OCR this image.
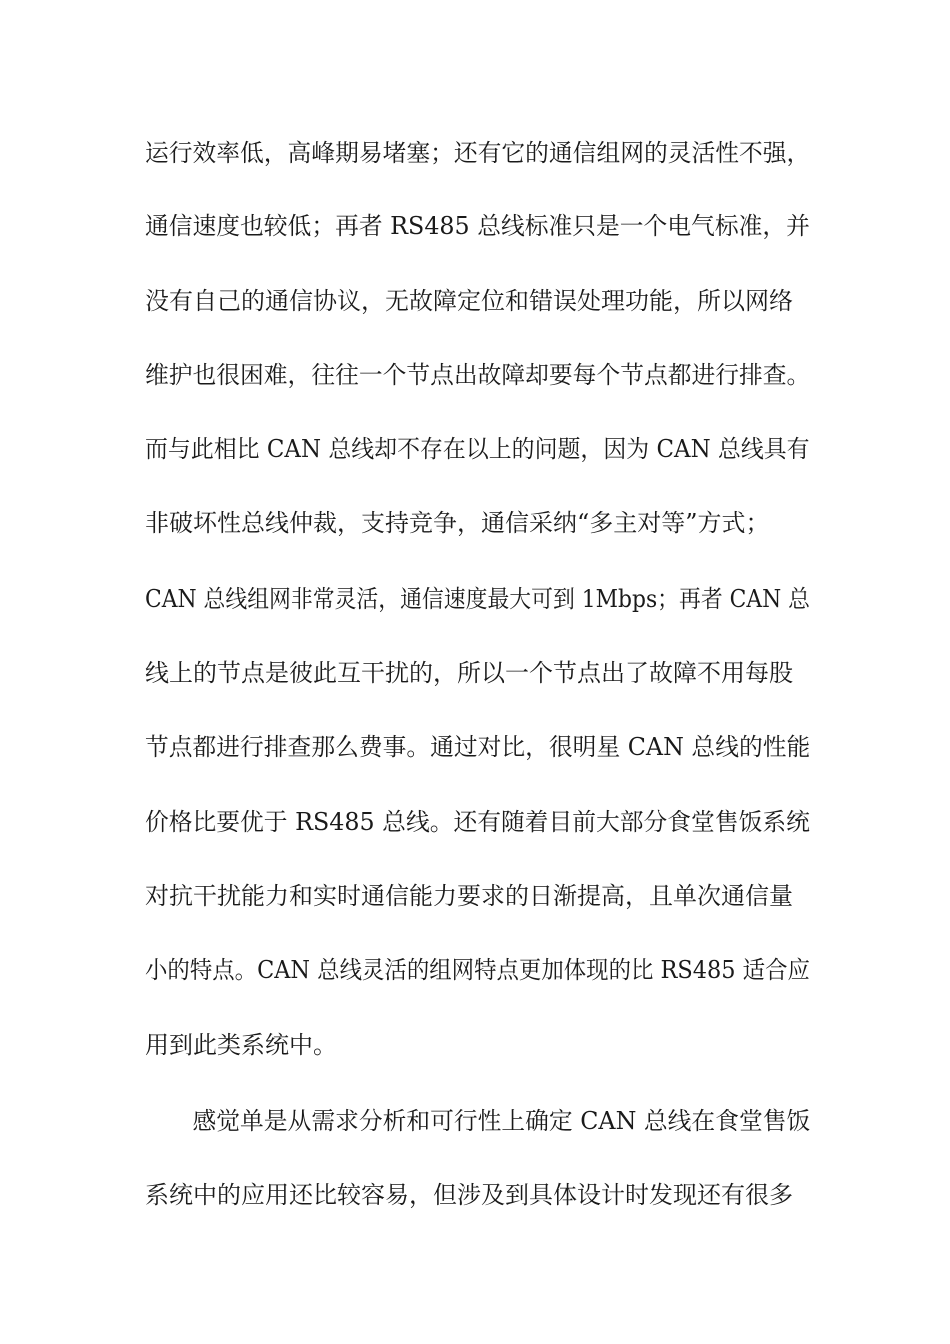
运行效率低，高峰期易堵塞；还有它的通信组网的灵活性不强，
通信速度也较低；再者 RS485 总线标准只是一个电气标准，并
没有自己的通信协议，无故障定位和错误处理功能，所以网络
维护也很困难，往往一个节点出故障却要每个节点都进行排查。
而与此相比 CAN 总线却不存在以上的问题，因为 CAN 总线具有
非破坏性总线仲裁，支持竞争，通信采纳“多主对等”方式；
CAN 总线组网非常灵活，通信速度最大可到 1Mbps；再者 CAN 总
线上的节点是彼此互干扰的，所以一个节点出了故障不用每股
节点都进行排查那么费事。通过对比，很明星 CAN 总线的性能
价格比要优于 RS485 总线。还有随着目前大部分食堂售饭系统
对抗干扰能力和实时通信能力要求的日渐提高，且单次通信量
小的特点。CAN 总线灵活的组网特点更加体现的比 RS485 适合应
用到此类系统中。
　　感觉单是从需求分析和可行性上确定 CAN 总线在食堂售饭
系统中的应用还比较容易，但涉及到具体设计时发现还有很多
